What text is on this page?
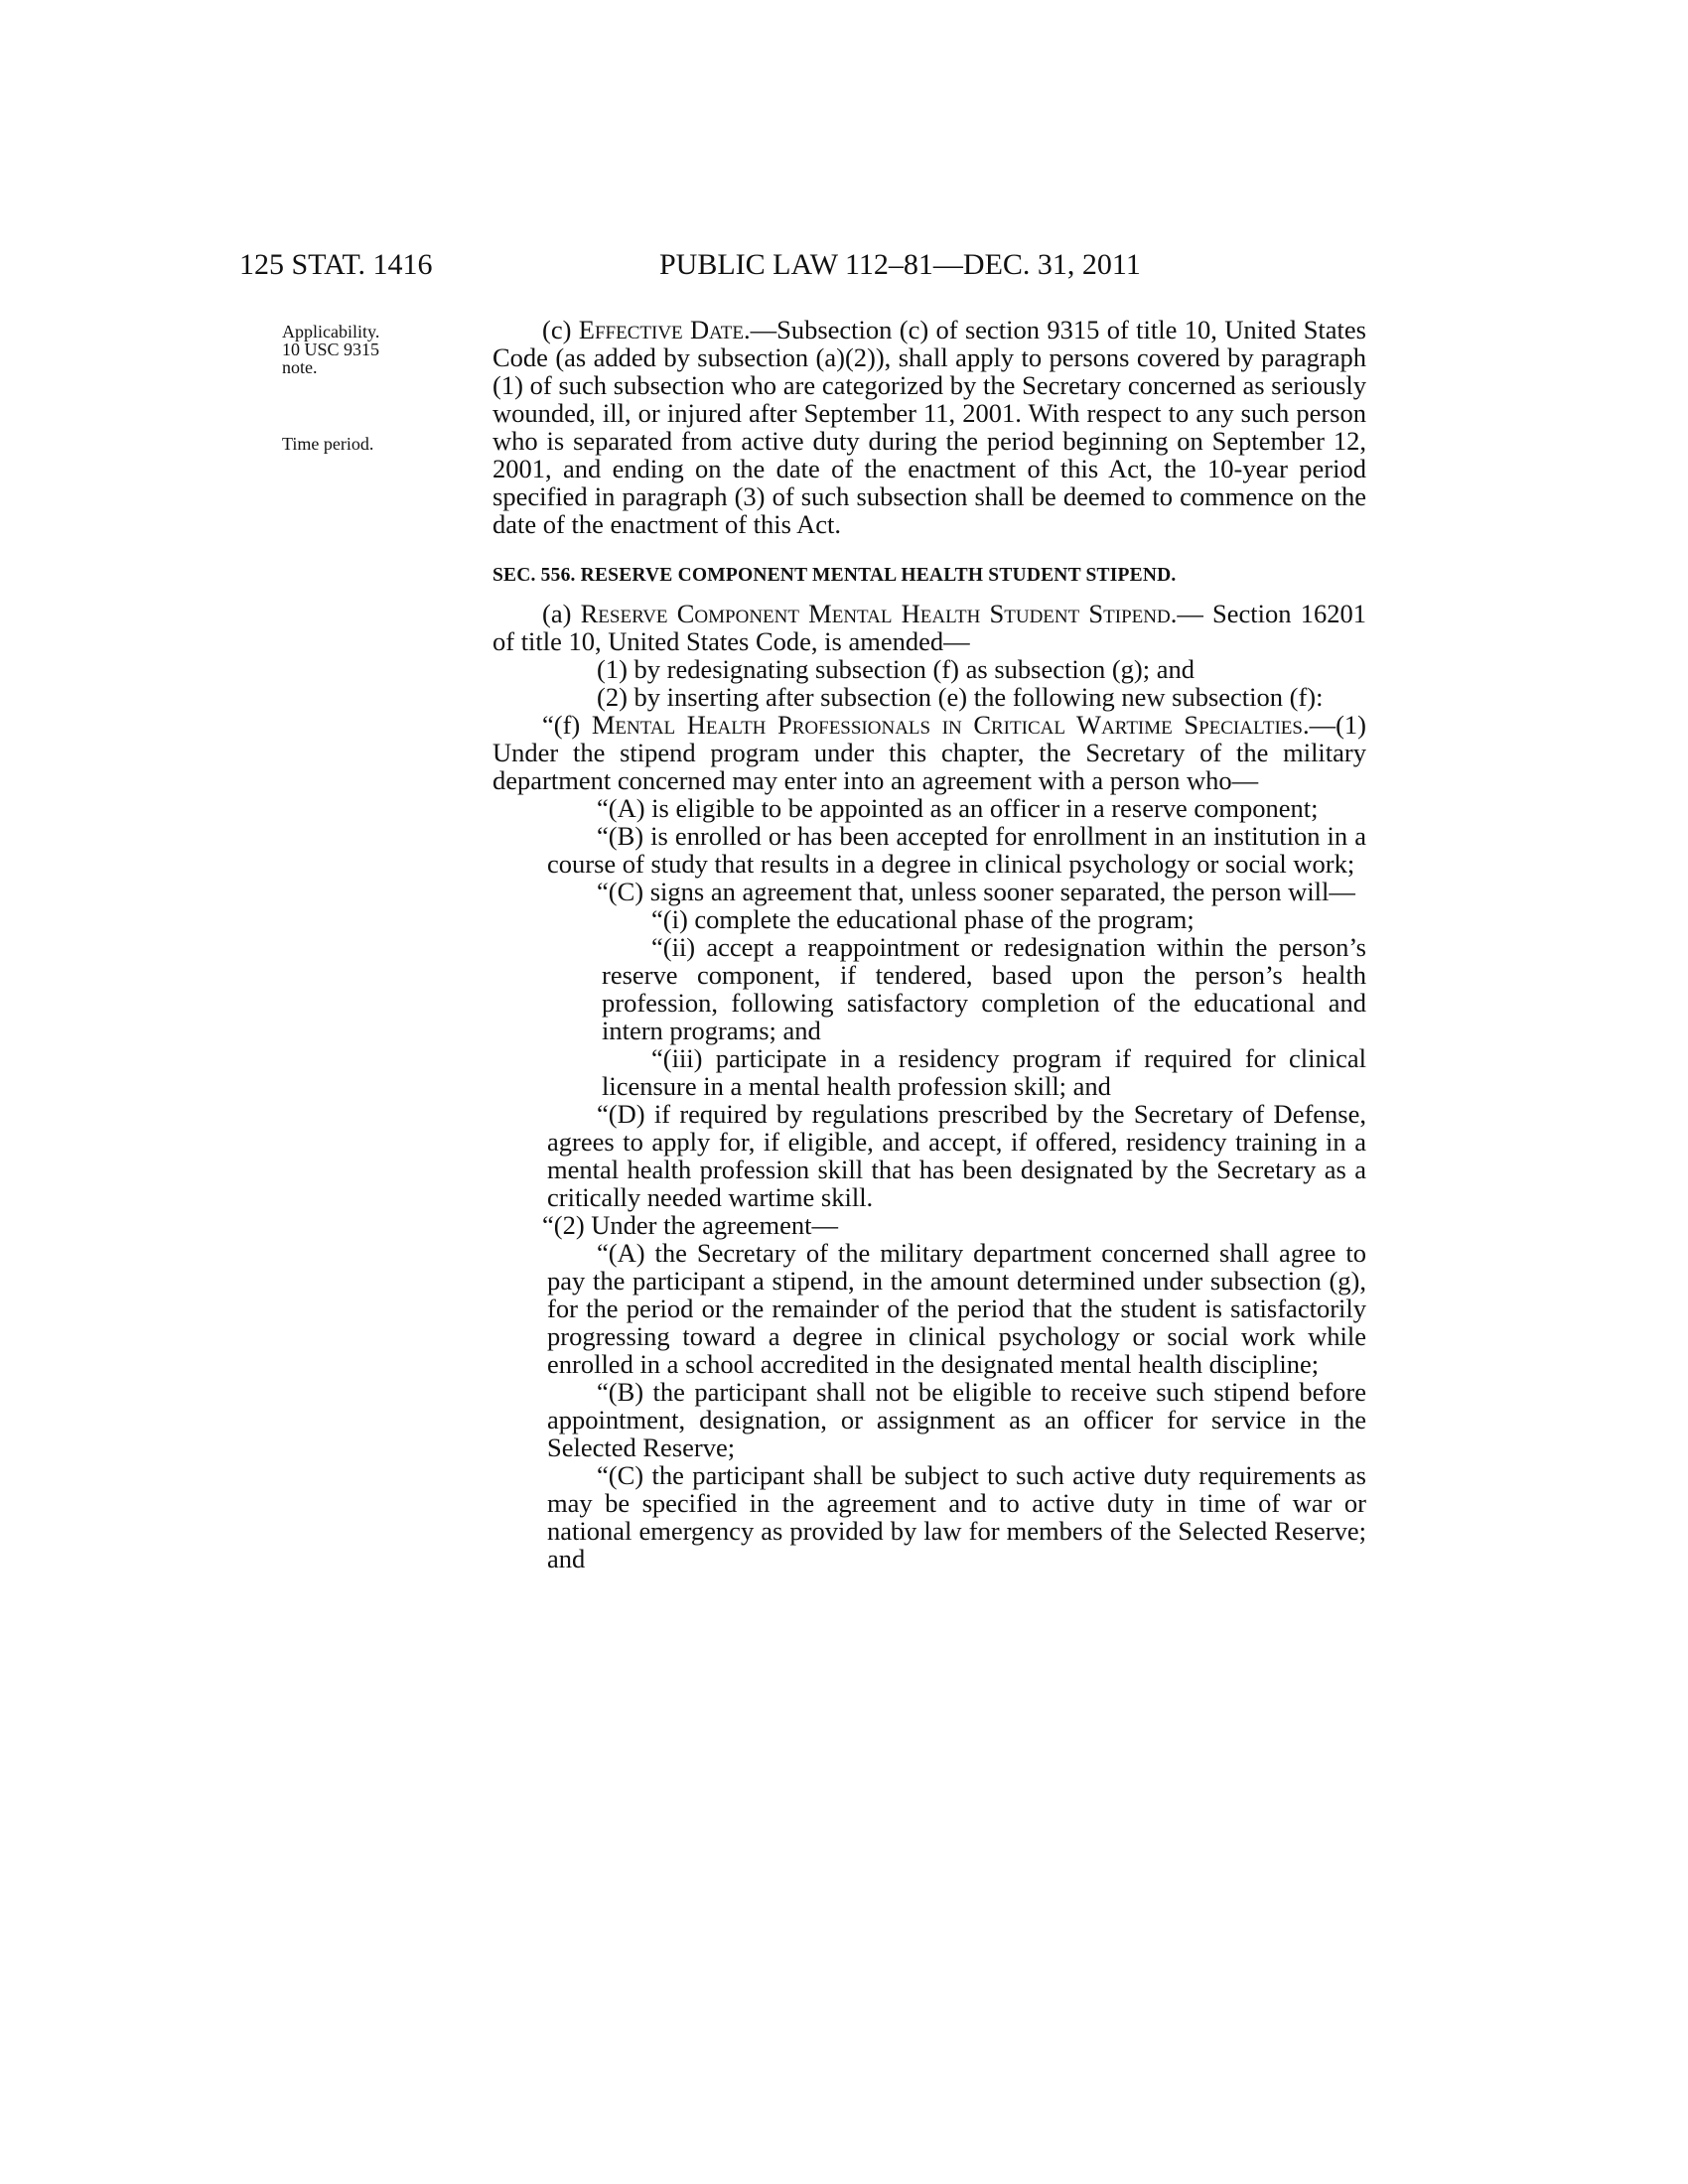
125 STAT. 1416	PUBLIC LAW 112–81—DEC. 31, 2011
Applicability.
10 USC 9315
note.
Time period.

(c) Effective Date.—Subsection (c) of section 9315 of title 10, United States Code (as added by subsection (a)(2)), shall apply to persons covered by paragraph (1) of such subsection who are categorized by the Secretary concerned as seriously wounded, ill, or injured after September 11, 2001. With respect to any such person who is separated from active duty during the period beginning on September 12, 2001, and ending on the date of the enactment of this Act, the 10-year period specified in paragraph (3) of such subsection shall be deemed to commence on the date of the enactment of this Act.

SEC. 556. RESERVE COMPONENT MENTAL HEALTH STUDENT STIPEND.

(a) Reserve Component Mental Health Student Stipend.— Section 16201 of title 10, United States Code, is amended—

(1) by redesignating subsection (f) as subsection (g); and

(2) by inserting after subsection (e) the following new subsection (f):

“(f) Mental Health Professionals in Critical Wartime Specialties.—(1) Under the stipend program under this chapter, the Secretary of the military department concerned may enter into an agreement with a person who—

“(A) is eligible to be appointed as an officer in a reserve component;

“(B) is enrolled or has been accepted for enrollment in an institution in a course of study that results in a degree in clinical psychology or social work;

“(C) signs an agreement that, unless sooner separated, the person will—

“(i) complete the educational phase of the program;

“(ii) accept a reappointment or redesignation within the person’s reserve component, if tendered, based upon the person’s health profession, following satisfactory completion of the educational and intern programs; and

“(iii) participate in a residency program if required for clinical licensure in a mental health profession skill; and

“(D) if required by regulations prescribed by the Secretary of Defense, agrees to apply for, if eligible, and accept, if offered, residency training in a mental health profession skill that has been designated by the Secretary as a critically needed wartime skill.

“(2) Under the agreement—

“(A) the Secretary of the military department concerned shall agree to pay the participant a stipend, in the amount determined under subsection (g), for the period or the remainder of the period that the student is satisfactorily progressing toward a degree in clinical psychology or social work while enrolled in a school accredited in the designated mental health discipline;

“(B) the participant shall not be eligible to receive such stipend before appointment, designation, or assignment as an officer for service in the Selected Reserve;

“(C) the participant shall be subject to such active duty requirements as may be specified in the agreement and to active duty in time of war or national emergency as provided by law for members of the Selected Reserve; and
